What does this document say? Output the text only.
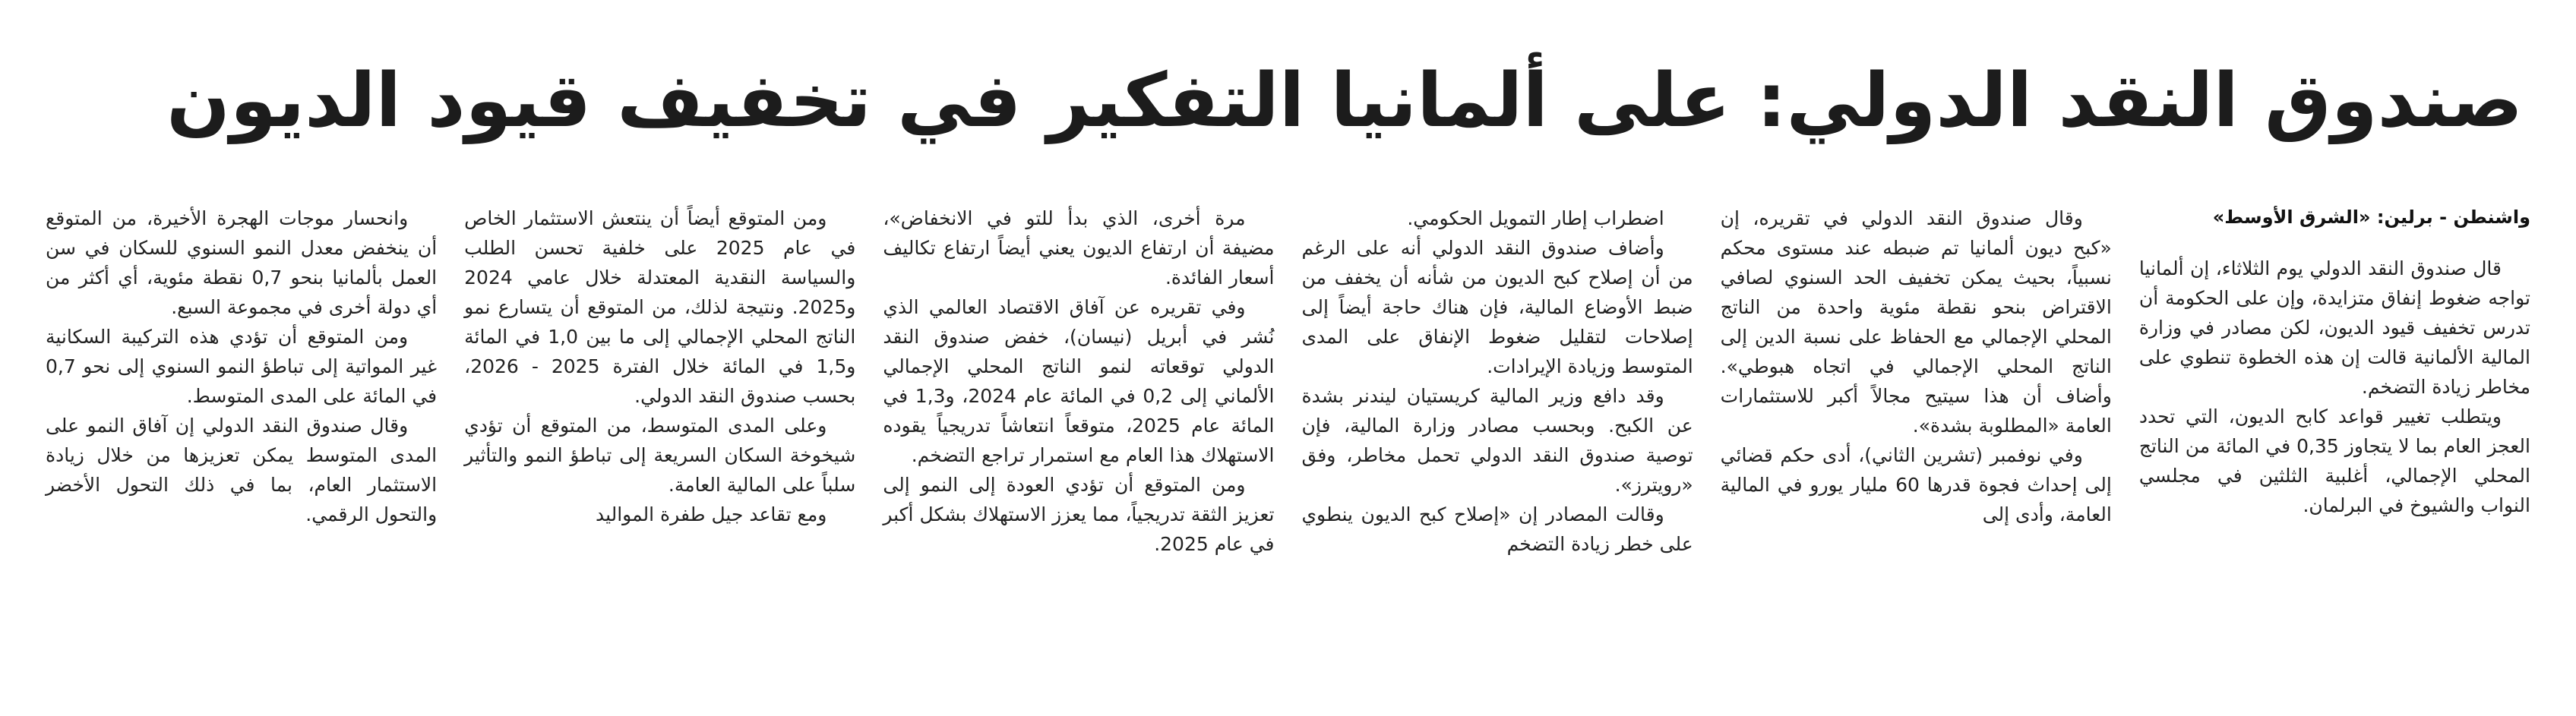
صندوق النقد الدولي: على ألمانيا التفكير في تخفيف قيود الديون
واشنطن - برلين: «الشرق الأوسط»

قال صندوق النقد الدولي يوم الثلاثاء، إن ألمانيا تواجه ضغوط إنفاق متزايدة، وإن على الحكومة أن تدرس تخفيف قيود الديون، لكن مصادر في وزارة المالية الألمانية قالت إن هذه الخطوة تنطوي على مخاطر زيادة التضخم.

ويتطلب تغيير قواعد كابح الديون، التي تحدد العجز العام بما لا يتجاوز 0,35 في المائة من الناتج المحلي الإجمالي، أغلبية الثلثين في مجلسي النواب والشيوخ في البرلمان.

وقال صندوق النقد الدولي في تقريره، إن «كبح ديون ألمانيا تم ضبطه عند مستوى محكم نسبياً، بحيث يمكن تخفيف الحد السنوي لصافي الاقتراض بنحو نقطة مئوية واحدة من الناتج المحلي الإجمالي مع الحفاظ على نسبة الدين إلى الناتج المحلي الإجمالي في اتجاه هبوطي». وأضاف أن هذا سيتيح مجالاً أكبر للاستثمارات العامة «المطلوبة بشدة».

وفي نوفمبر (تشرين الثاني)، أدى حكم قضائي إلى إحداث فجوة قدرها 60 مليار يورو في المالية العامة، وأدى إلى

اضطراب إطار التمويل الحكومي.

وأضاف صندوق النقد الدولي أنه على الرغم من أن إصلاح كبح الديون من شأنه أن يخفف من ضبط الأوضاع المالية، فإن هناك حاجة أيضاً إلى إصلاحات لتقليل ضغوط الإنفاق على المدى المتوسط وزيادة الإيرادات.

وقد دافع وزير المالية كريستيان ليندنر بشدة عن الكبح. وبحسب مصادر وزارة المالية، فإن توصية صندوق النقد الدولي تحمل مخاطر، وفق «رويترز».

وقالت المصادر إن «إصلاح كبح الديون ينطوي على خطر زيادة التضخم

مرة أخرى، الذي بدأ للتو في الانخفاض»، مضيفة أن ارتفاع الديون يعني أيضاً ارتفاع تكاليف أسعار الفائدة.

وفي تقريره عن آفاق الاقتصاد العالمي الذي نُشر في أبريل (نيسان)، خفض صندوق النقد الدولي توقعاته لنمو الناتج المحلي الإجمالي الألماني إلى 0,2 في المائة عام 2024، و1,3 في المائة عام 2025، متوقعاً انتعاشاً تدريجياً يقوده الاستهلاك هذا العام مع استمرار تراجع التضخم.

ومن المتوقع أن تؤدي العودة إلى النمو إلى تعزيز الثقة تدريجياً، مما يعزز الاستهلاك بشكل أكبر في عام 2025.

ومن المتوقع أيضاً أن ينتعش الاستثمار الخاص في عام 2025 على خلفية تحسن الطلب والسياسة النقدية المعتدلة خلال عامي 2024 و2025. ونتيجة لذلك، من المتوقع أن يتسارع نمو الناتج المحلي الإجمالي إلى ما بين 1,0 في المائة و1,5 في المائة خلال الفترة 2025 - 2026، بحسب صندوق النقد الدولي.

وعلى المدى المتوسط، من المتوقع أن تؤدي شيخوخة السكان السريعة إلى تباطؤ النمو والتأثير سلباً على المالية العامة.

ومع تقاعد جيل طفرة المواليد

وانحسار موجات الهجرة الأخيرة، من المتوقع أن ينخفض معدل النمو السنوي للسكان في سن العمل بألمانيا بنحو 0,7 نقطة مئوية، أي أكثر من أي دولة أخرى في مجموعة السبع.

ومن المتوقع أن تؤدي هذه التركيبة السكانية غير المواتية إلى تباطؤ النمو السنوي إلى نحو 0,7 في المائة على المدى المتوسط.

وقال صندوق النقد الدولي إن آفاق النمو على المدى المتوسط يمكن تعزيزها من خلال زيادة الاستثمار العام، بما في ذلك التحول الأخضر والتحول الرقمي.
